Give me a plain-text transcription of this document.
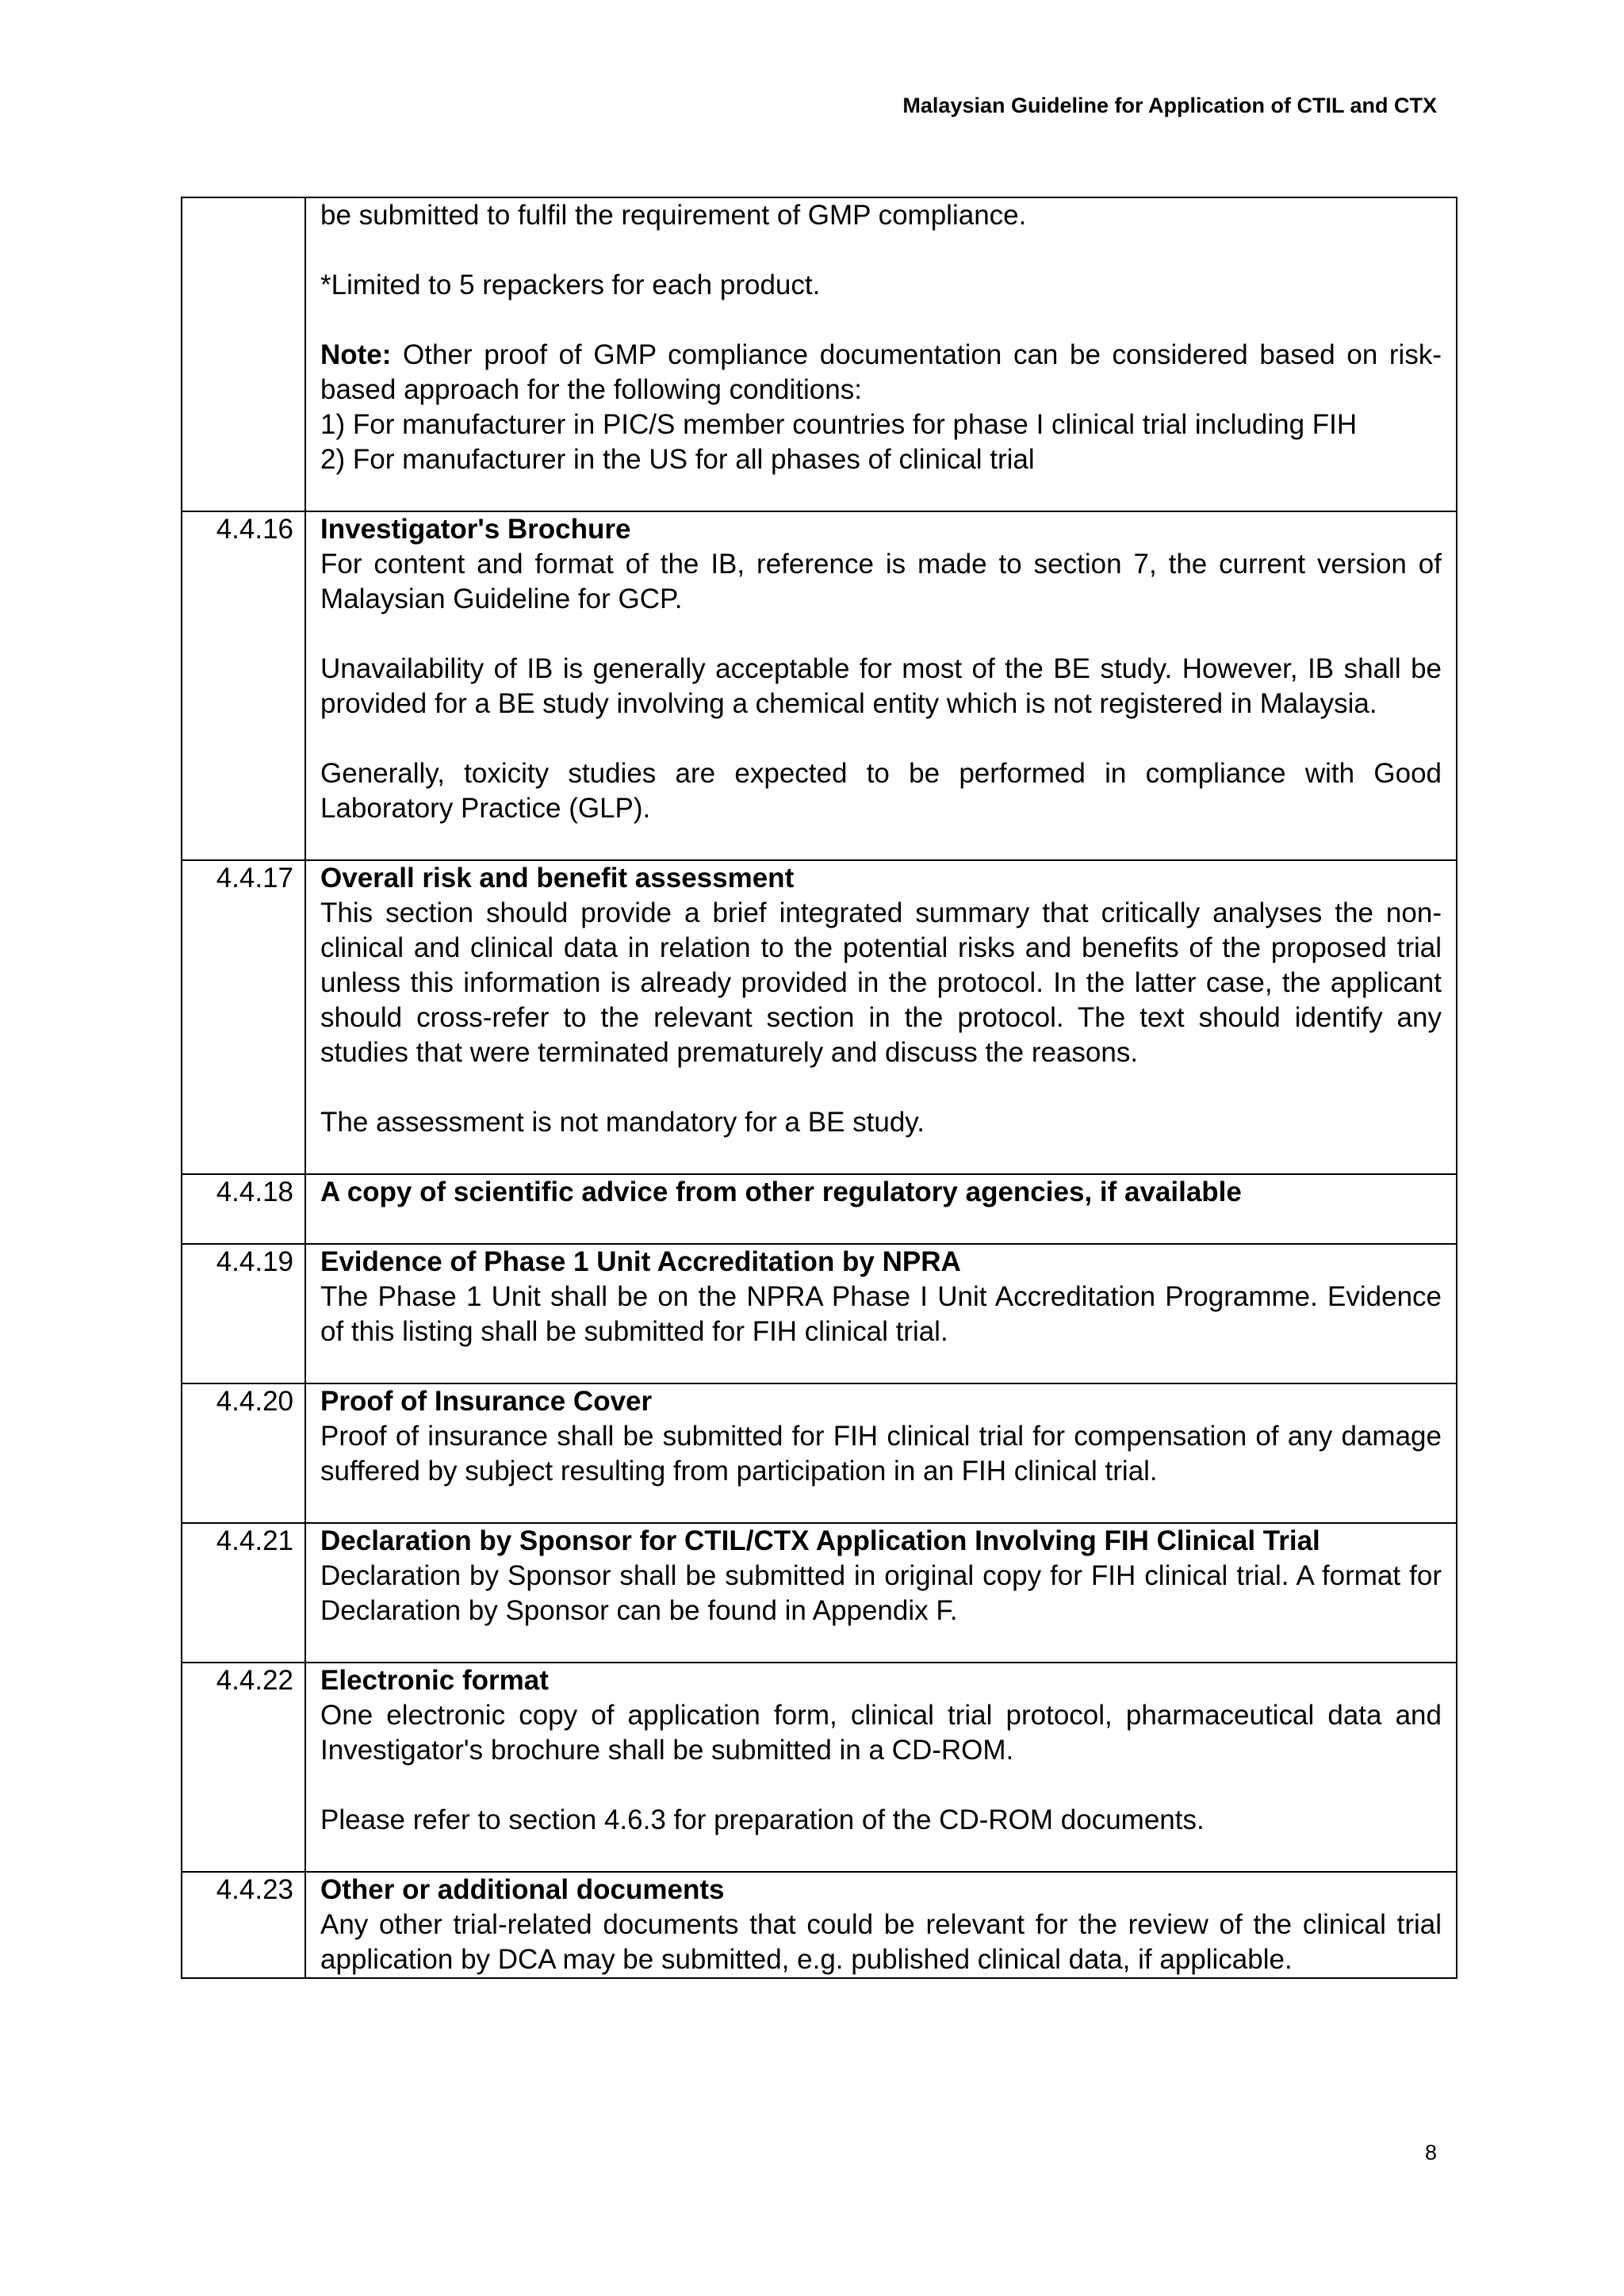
Malaysian Guideline for Application of CTIL and CTX

	be submitted to fulfil the requirement of GMP compliance.

*Limited to 5 repackers for each product.

Note: Other proof of GMP compliance documentation can be considered based on risk-based approach for the following conditions:
1) For manufacturer in PIC/S member countries for phase I clinical trial including FIH
2) For manufacturer in the US for all phases of clinical trial

4.4.16	Investigator's Brochure
For content and format of the IB, reference is made to section 7, the current version of Malaysian Guideline for GCP.

Unavailability of IB is generally acceptable for most of the BE study. However, IB shall be provided for a BE study involving a chemical entity which is not registered in Malaysia.

Generally, toxicity studies are expected to be performed in compliance with Good Laboratory Practice (GLP).

4.4.17	Overall risk and benefit assessment
This section should provide a brief integrated summary that critically analyses the non-clinical and clinical data in relation to the potential risks and benefits of the proposed trial unless this information is already provided in the protocol. In the latter case, the applicant should cross-refer to the relevant section in the protocol. The text should identify any studies that were terminated prematurely and discuss the reasons.

The assessment is not mandatory for a BE study.

4.4.18	A copy of scientific advice from other regulatory agencies, if available

4.4.19	Evidence of Phase 1 Unit Accreditation by NPRA
The Phase 1 Unit shall be on the NPRA Phase I Unit Accreditation Programme. Evidence of this listing shall be submitted for FIH clinical trial.

4.4.20	Proof of Insurance Cover
Proof of insurance shall be submitted for FIH clinical trial for compensation of any damage suffered by subject resulting from participation in an FIH clinical trial.

4.4.21	Declaration by Sponsor for CTIL/CTX Application Involving FIH Clinical Trial
Declaration by Sponsor shall be submitted in original copy for FIH clinical trial. A format for Declaration by Sponsor can be found in Appendix F.

4.4.22	Electronic format
One electronic copy of application form, clinical trial protocol, pharmaceutical data and Investigator's brochure shall be submitted in a CD-ROM.

Please refer to section 4.6.3 for preparation of the CD-ROM documents.

4.4.23	Other or additional documents
Any other trial-related documents that could be relevant for the review of the clinical trial application by DCA may be submitted, e.g. published clinical data, if applicable.

8
